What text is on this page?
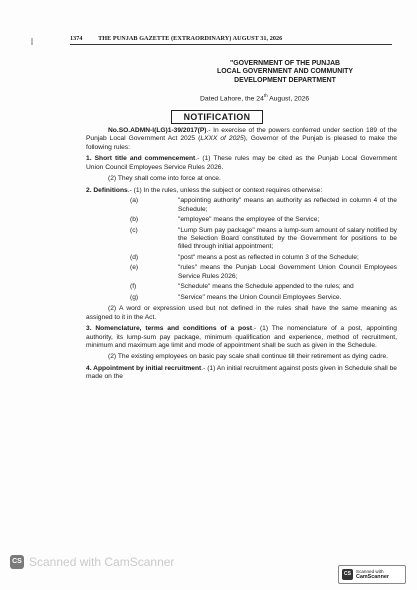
1374	THE PUNJAB GAZETTE (EXTRAORDINARY) AUGUST 31, 2026
"GOVERNMENT OF THE PUNJAB
LOCAL GOVERNMENT AND COMMUNITY
DEVELOPMENT DEPARTMENT
Dated Lahore, the 24th August, 2026
NOTIFICATION

No.SO.ADMN-I(LG)1-39/2017(P).- In exercise of the powers conferred under section 189 of the Punjab Local Government Act 2025 (LXXX of 2025), Governor of the Punjab is pleased to make the following rules:

1. Short title and commencement.- (1) These rules may be cited as the Punjab Local Government Union Council Employees Service Rules 2026.

(2) They shall come into force at once.

2. Definitions.- (1) In the rules, unless the subject or context requires otherwise:

(a)	"appointing authority" means an authority as reflected in column 4 of the Schedule;
(b)	"employee" means the employee of the Service;
(c)	"Lump Sum pay package" means a lump-sum amount of salary notified by the Selection Board constituted by the Government for positions to be filled through initial appointment;
(d)	"post" means a post as reflected in column 3 of the Schedule;
(e)	"rules" means the Punjab Local Government Union Council Employees Service Rules 2026;
(f)	"Schedule" means the Schedule appended to the rules; and
(g)	"Service" means the Union Council Employees Service.

(2) A word or expression used but not defined in the rules shall have the same meaning as assigned to it in the Act.

3. Nomenclature, terms and conditions of a post.- (1) The nomenclature of a post, appointing authority, its lump-sum pay package, minimum qualification and experience, method of recruitment, minimum and maximum age limit and mode of appointment shall be such as given in the Schedule.

(2) The existing employees on basic pay scale shall continue till their retirement as dying cadre.

4. Appointment by initial recruitment.- (1) An initial recruitment against posts given in Schedule shall be made on the

CS Scanned with CamScanner
CS	Scanned with
CamScanner
